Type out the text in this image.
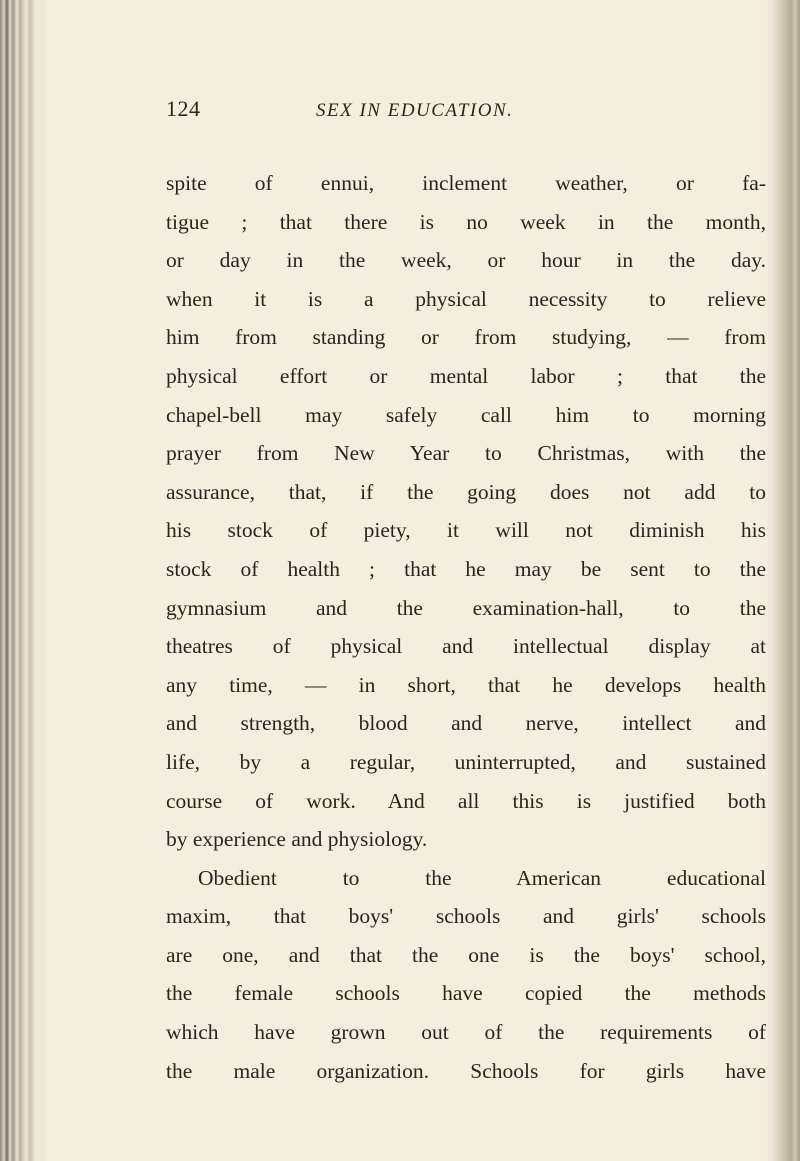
124	SEX IN EDUCATION.
spite of ennui, inclement weather, or fa-
tigue ; that there is no week in the month,
or day in the week, or hour in the day.
when it is a physical necessity to relieve
him from standing or from studying, — from
physical effort or mental labor ; that the
chapel-bell may safely call him to morning
prayer from New Year to Christmas, with the
assurance, that, if the going does not add to
his stock of piety, it will not diminish his
stock of health ; that he may be sent to the
gymnasium and the examination-hall, to the
theatres of physical and intellectual display at
any time, — in short, that he develops health
and strength, blood and nerve, intellect and
life, by a regular, uninterrupted, and sustained
course of work. And all this is justified both
by experience and physiology.
Obedient to the American educational
maxim, that boys' schools and girls' schools
are one, and that the one is the boys' school,
the female schools have copied the methods
which have grown out of the requirements of
the male organization. Schools for girls have
